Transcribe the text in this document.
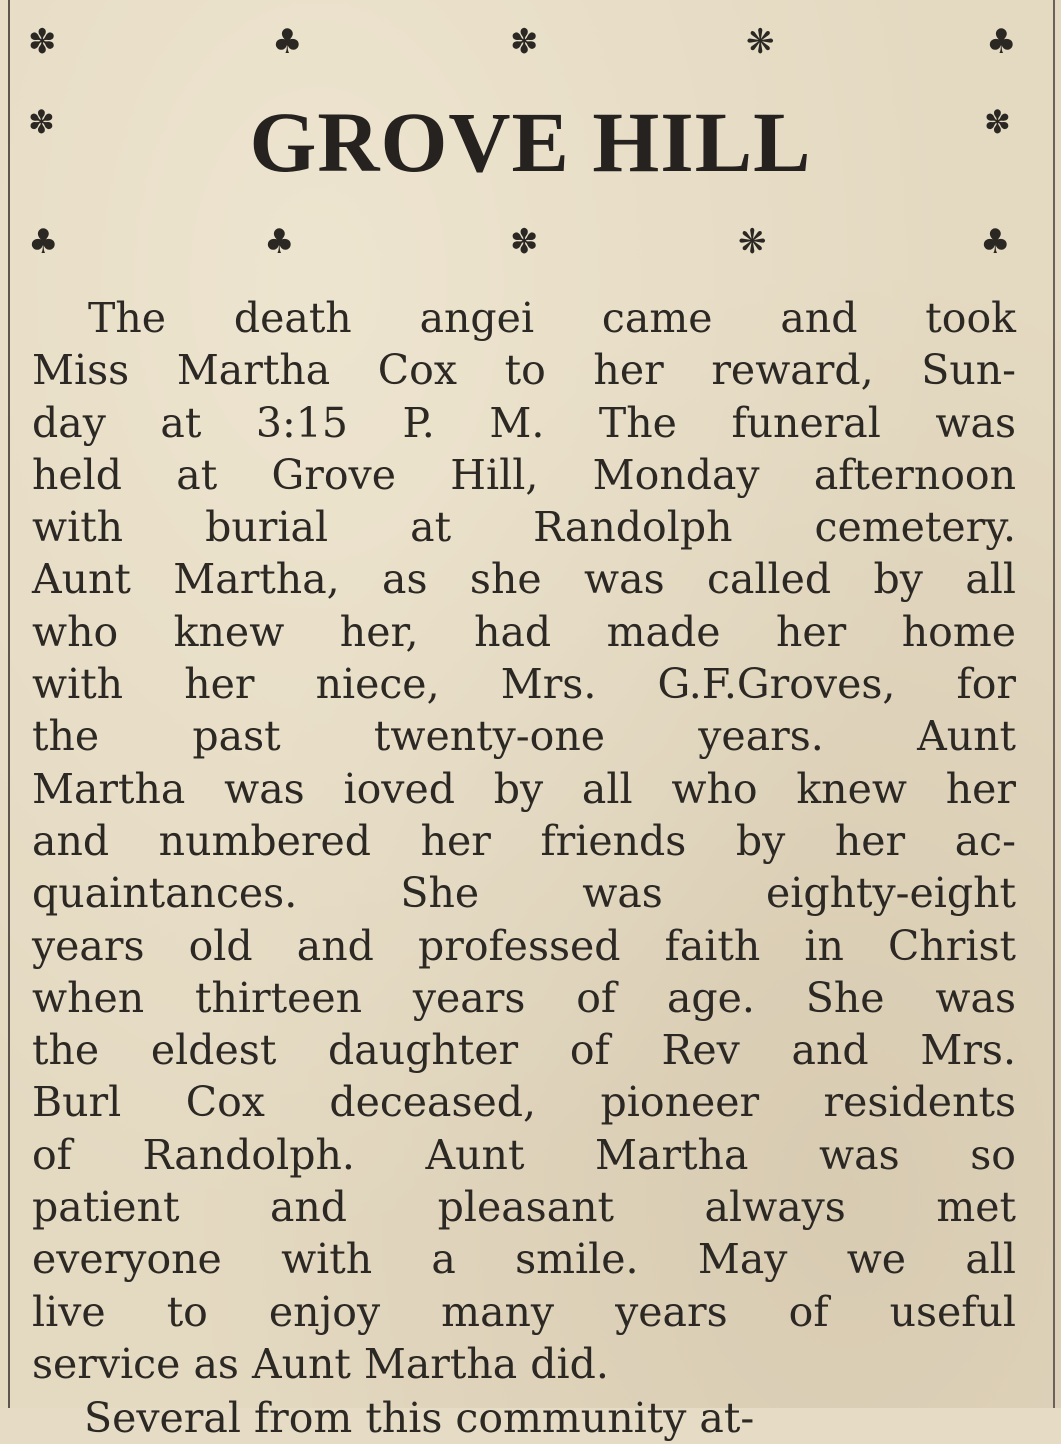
✽	♣	✽	❋	♣
✽	✽
GROVE HILL
♣	♣	✽	❋	♣
The death angei came and took
Miss Martha Cox to her reward, Sun-
day at 3:15 P. M. The funeral was
held at Grove Hill, Monday afternoon
with burial at Randolph cemetery.
Aunt Martha, as she was called by all
who knew her, had made her home
with her niece, Mrs. G.F.Groves, for
the past twenty-one years. Aunt
Martha was ioved by all who knew her
and numbered her friends by her ac-
quaintances. She was eighty-eight
years old and professed faith in Christ
when thirteen years of age. She was
the eldest daughter of Rev and Mrs.
Burl Cox deceased, pioneer residents
of Randolph. Aunt Martha was so
patient and pleasant always met
everyone with a smile. May we all
live to enjoy many years of useful
service as Aunt Martha did.
Several from this community at-
